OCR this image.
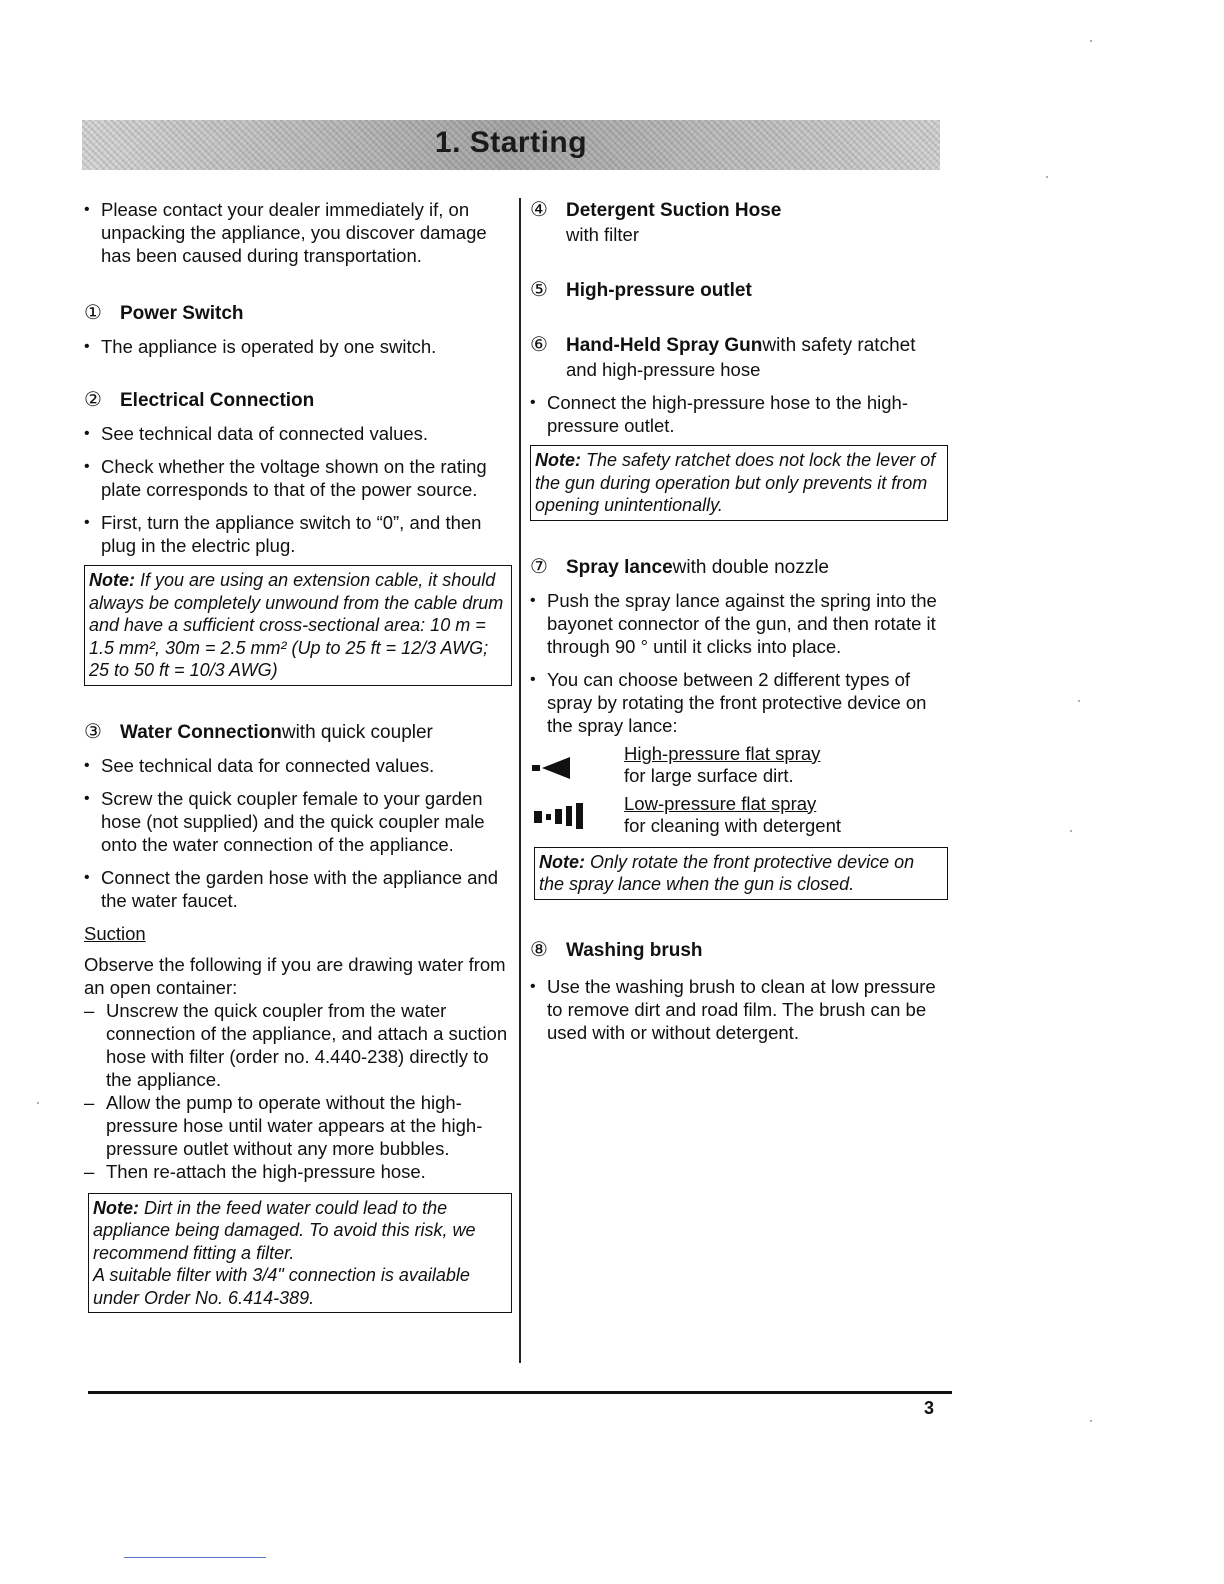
1. Starting

• Please contact your dealer immediately if, on unpacking the appliance, you discover damage has been caused during transportation.

① Power Switch

• The appliance is operated by one switch.

② Electrical Connection

• See technical data of connected values.

• Check whether the voltage shown on the rating plate corresponds to that of the power source.

• First, turn the appliance switch to “0”, and then plug in the electric plug.

Note: If you are using an extension cable, it should always be completely unwound from the cable drum and have a sufficient cross-sectional area: 10 m = 1.5 mm², 30m = 2.5 mm² (Up to 25 ft = 12/3 AWG; 25 to 50 ft = 10/3 AWG)
③ Water Connection with quick coupler

• See technical data for connected values.

• Screw the quick coupler female to your garden hose (not supplied) and the quick coupler male onto the water connection of the appliance.

• Connect the garden hose with the appliance and the water faucet.

Suction

Observe the following if you are drawing water from an open container:

– Unscrew the quick coupler from the water connection of the appliance, and attach a suction hose with filter (order no. 4.440-238) directly to the appliance.

– Allow the pump to operate without the high-pressure hose until water appears at the high-pressure outlet without any more bubbles.

– Then re-attach the high-pressure hose.

Note: Dirt in the feed water could lead to the appliance being damaged. To avoid this risk, we recommend fitting a filter.
A suitable filter with 3/4" connection is available under Order No. 6.414-389.
④ Detergent Suction Hose

with filter

⑤ High-pressure outlet
⑥ Hand-Held Spray Gun with safety ratchet

and high-pressure hose

• Connect the high-pressure hose to the high-pressure outlet.

Note: The safety ratchet does not lock the lever of the gun during operation but only prevents it from opening unintentionally.
⑦ Spray lance with double nozzle

• Push the spray lance against the spring into the bayonet connector of the gun, and then rotate it through 90 ° until it clicks into place.

• You can choose between 2 different types of spray by rotating the front protective device on the spray lance:

High-pressure flat spray
for large surface dirt.
Low-pressure flat spray
for cleaning with detergent
Note: Only rotate the front protective device on the spray lance when the gun is closed.
⑧ Washing brush

• Use the washing brush to clean at low pressure to remove dirt and road film. The brush can be used with or without detergent.

3
